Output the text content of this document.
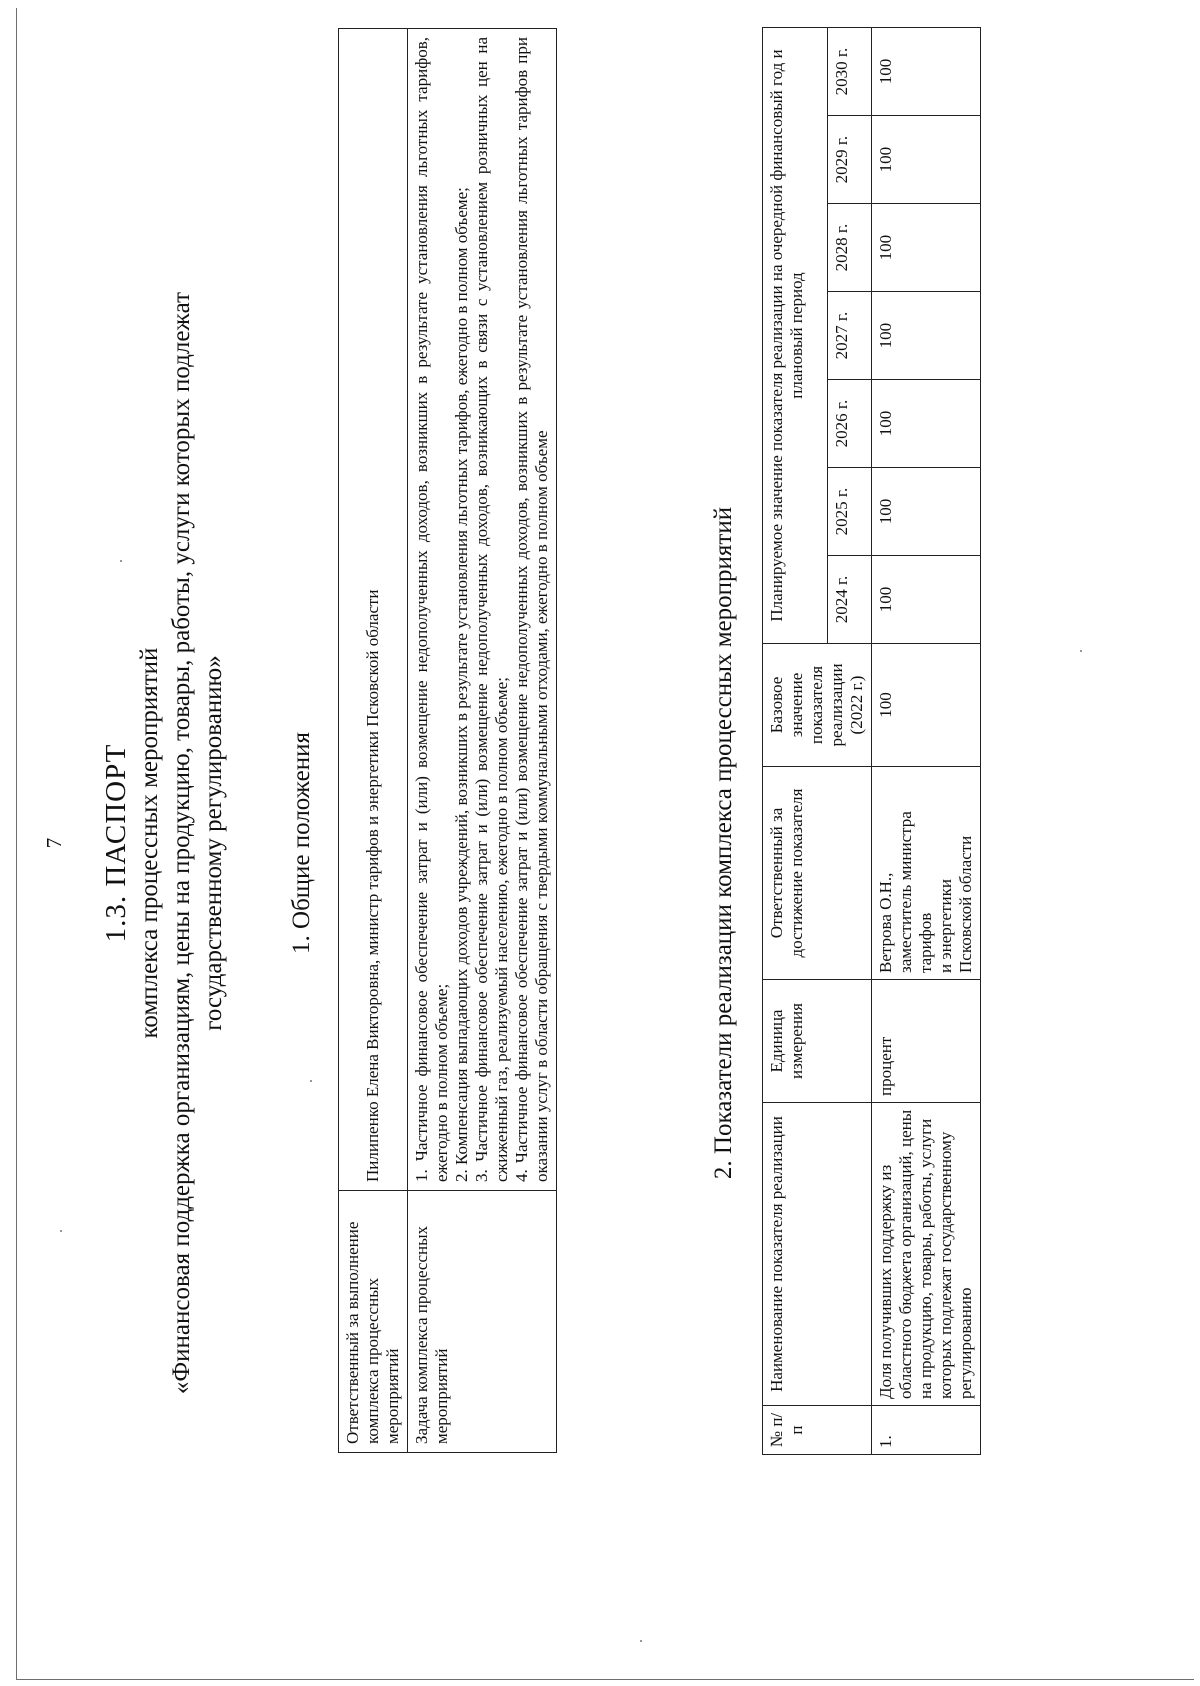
7 1.3. ПАСПОРТ комплекса процессных мероприятий «Финансовая поддержка организациям, цены на продукцию, товары, работы, услуги которых подлежат государственному регулированию» 1. Общие положения
Ответственный за выполнение комплекса процессных мероприятий	Пилипенко Елена Викторовна, министр тарифов и энергетики Псковской области
Задача комплекса процессных мероприятий	1. Частичное финансовое обеспечение затрат и (или) возмещение недополученных доходов, возникших в результате установления льготных тарифов, ежегодно в полном объеме; 2. Компенсация выпадающих доходов учреждений, возникших в результате установления льготных тарифов, ежегодно в полном объеме; 3. Частичное финансовое обеспечение затрат и (или) возмещение недополученных доходов, возникающих в связи с установлением розничных цен на сжиженный газ, реализуемый населению, ежегодно в полном объеме; 4. Частичное финансовое обеспечение затрат и (или) возмещение недополученных доходов, возникших в результате установления льготных тарифов при оказании услуг в области обращения с твердыми коммунальными отходами, ежегодно в полном объеме	2. Показатели реализации комплекса процессных мероприятий
№ п/п	Наименование показателя реализации	Единица измерения	Ответственный за достижение показателя	Базовое значение показателя реализации (2022 г.)	Планируемое значение показателя реализации на очередной финансовый год и плановый период						
					2024 г.	2025 г.	2026 г.	2027 г.	2028 г.	2029 г.	2030 г.
1.	Доля получивших поддержку из областного бюджета организаций, цены на продукцию, товары, работы, услуги которых подлежат государственному регулированию	процент	Ветрова О.Н., заместитель министра тарифов и энергетики Псковской области	100	100	100	100	100	100	100	100
